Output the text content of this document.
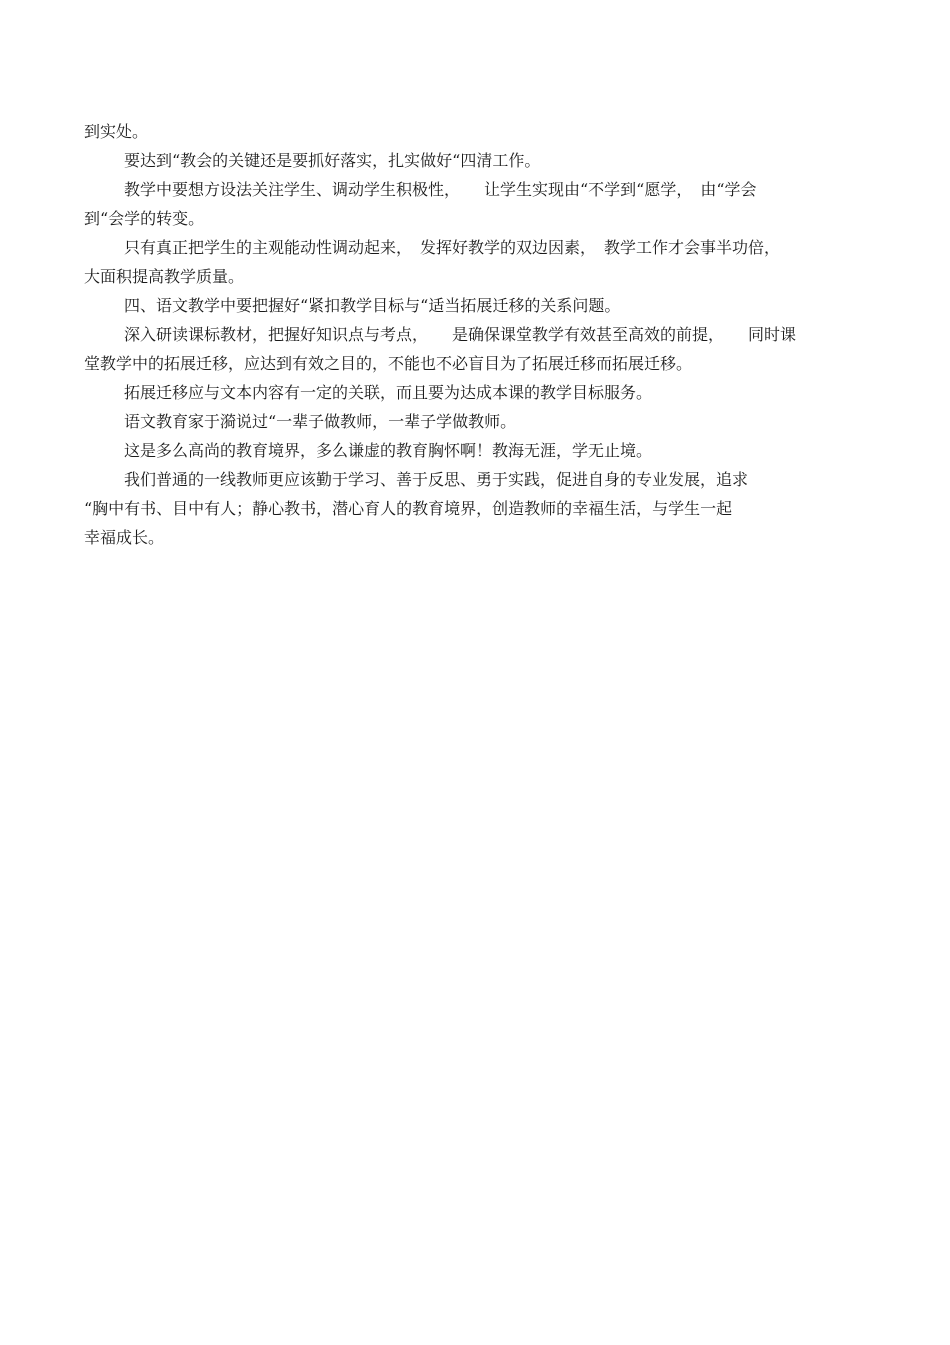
到实处。
要达到“教会的关键还是要抓好落实，扎实做好“四清工作。
教学中要想方设法关注学生、调动学生积极性，　　让学生实现由“不学到“愿学，　由“学会
到“会学的转变。
只有真正把学生的主观能动性调动起来，　发挥好教学的双边因素，　教学工作才会事半功倍，
大面积提高教学质量。
四、语文教学中要把握好“紧扣教学目标与“适当拓展迁移的关系问题。
深入研读课标教材，把握好知识点与考点，　　是确保课堂教学有效甚至高效的前提，　　同时课
堂教学中的拓展迁移，应达到有效之目的，不能也不必盲目为了拓展迁移而拓展迁移。
拓展迁移应与文本内容有一定的关联，而且要为达成本课的教学目标服务。
语文教育家于漪说过“一辈子做教师，一辈子学做教师。
这是多么高尚的教育境界，多么谦虚的教育胸怀啊！教海无涯，学无止境。
我们普通的一线教师更应该勤于学习、善于反思、勇于实践，促进自身的专业发展，追求
“胸中有书、目中有人；静心教书，潜心育人的教育境界，创造教师的幸福生活，与学生一起
幸福成长。
